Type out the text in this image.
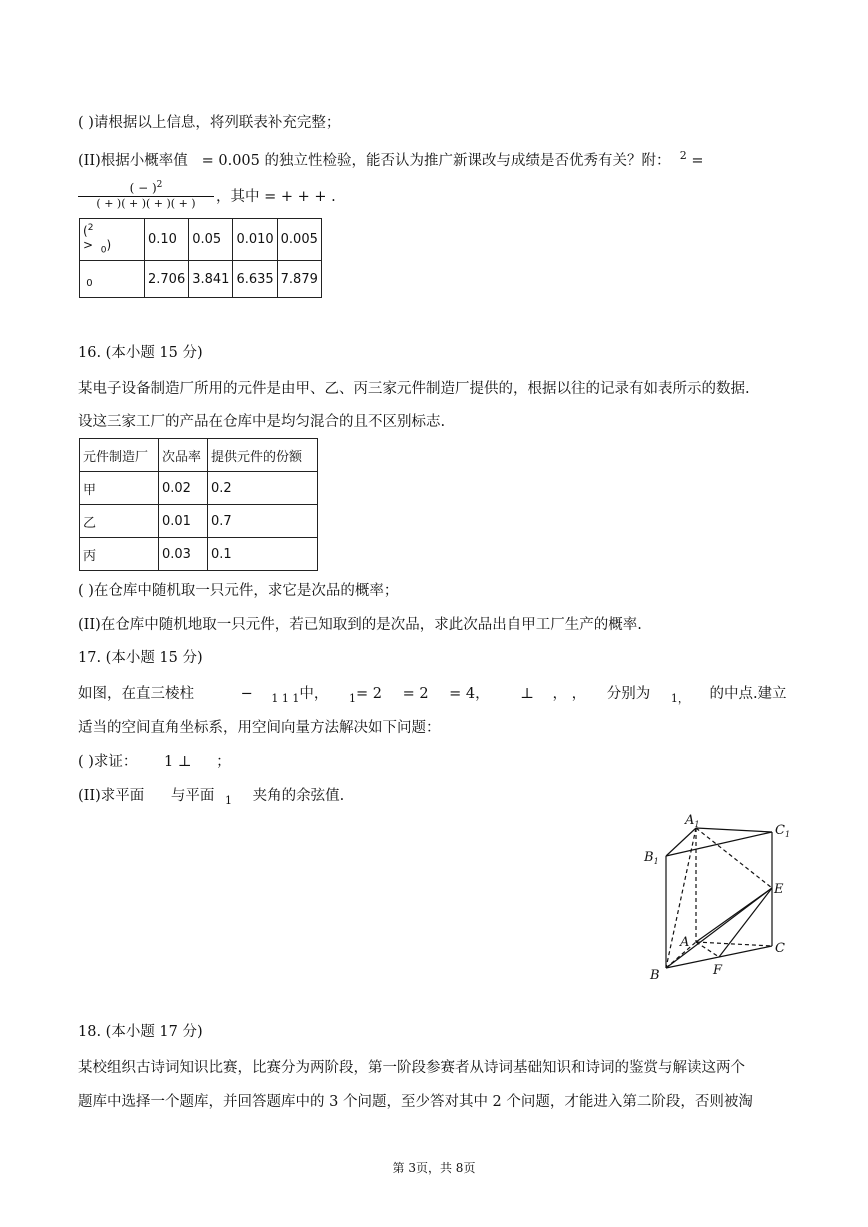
( )请根据以上信息，将列联表补充完整；
(II)根据小概率值 = 0.005 的独立性检验，能否认为推广新课改与成绩是否优秀有关？附： $^2$ =
( − )$^2$
( + )( + )( + )( + )	，其中 = + + + .
($^2$
> $_0$)	0.10	0.05	0.010	0.005
0	2.706	3.841	6.635	7.879
16. (本小题 15 分)
某电子设备制造厂所用的元件是由甲、乙、丙三家元件制造厂提供的，根据以往的记录有如表所示的数据.
设这三家工厂的产品在仓库中是均匀混合的且不区别标志.
元件制造厂	次品率	提供元件的份额
甲	0.02	0.2
乙	0.01	0.7
丙	0.03	0.1
( )在仓库中随机取一只元件，求它是次品的概率；
(II)在仓库中随机地取一只元件，若已知取到的是次品，求此次品出自甲工厂生产的概率.
17. (本小题 15 分)
如图，在直三棱柱	− $_{1 1 1}$中， $_1$= 2 = 2 = 4， ⊥ ， ， 分别为 $_{1,}$ 的中点.建立
适当的空间直角坐标系，用空间向量方法解决如下问题：
( )求证： 1 ⊥ ；
(II)求平面 与平面 $_1$ 夹角的余弦值.
$A_1$	$C_1$
$B_1$
E
A	C
B	F
18. (本小题 17 分)
某校组织古诗词知识比赛，比赛分为两阶段，第一阶段参赛者从诗词基础知识和诗词的鉴赏与解读这两个
题库中选择一个题库，并回答题库中的 3 个问题，至少答对其中 2 个问题，才能进入第二阶段，否则被淘
第 3页，共 8页
